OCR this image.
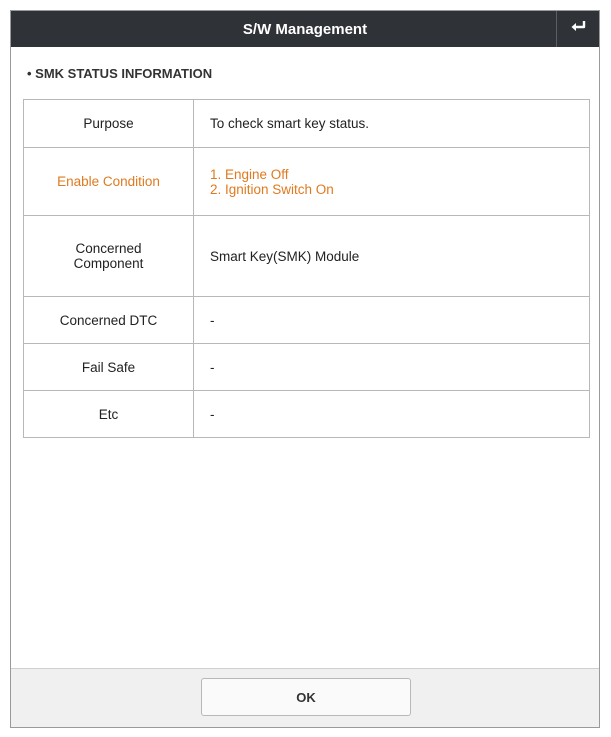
S/W Management
• SMK STATUS INFORMATION
Purpose	To check smart key status.
Enable Condition	1. Engine Off
2. Ignition Switch On

Concerned
Component	Smart Key(SMK) Module
Concerned DTC	-
Fail Safe	-
Etc	-
OK
